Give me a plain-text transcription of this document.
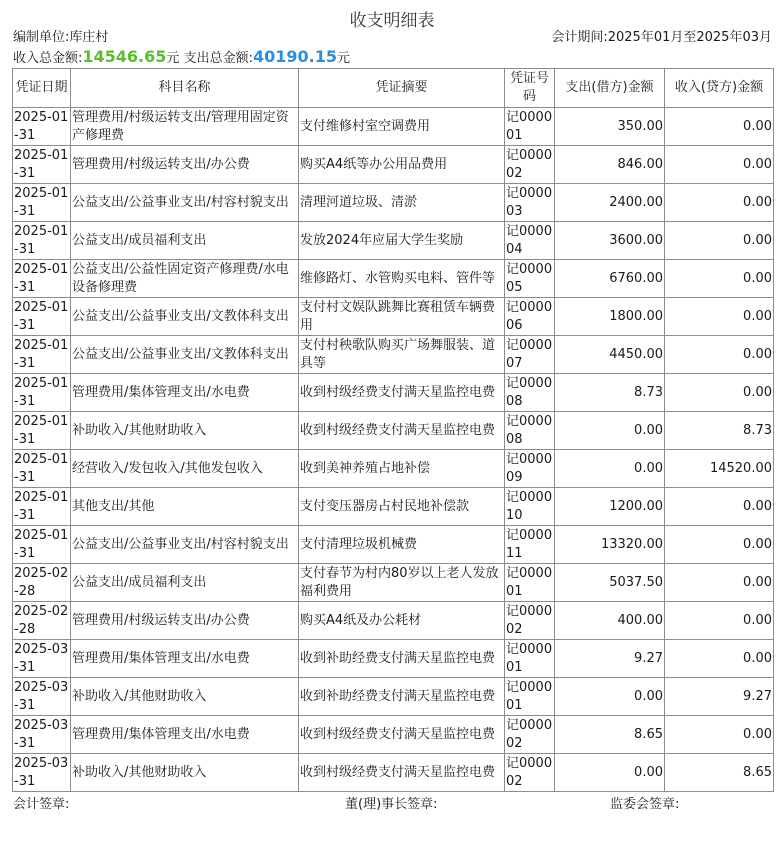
收支明细表
编制单位:库庄村	会计期间:2025年01月至2025年03月
收入总金额:14546.65元 支出总金额:40190.15元
凭证日期	科目名称	凭证摘要	凭证号码	支出(借方)金额	收入(贷方)金额
2025-01-31	管理费用/村级运转支出/管理用固定资产修理费	支付维修村室空调费用	记000001	350.00	0.00
2025-01-31	管理费用/村级运转支出/办公费	购买A4纸等办公用品费用	记000002	846.00	0.00
2025-01-31	公益支出/公益事业支出/村容村貌支出	清理河道垃圾、清淤	记000003	2400.00	0.00
2025-01-31	公益支出/成员福利支出	发放2024年应届大学生奖励	记000004	3600.00	0.00
2025-01-31	公益支出/公益性固定资产修理费/水电设备修理费	维修路灯、水管购买电料、管件等	记000005	6760.00	0.00
2025-01-31	公益支出/公益事业支出/文教体科支出	支付村文娱队跳舞比赛租赁车辆费用	记000006	1800.00	0.00
2025-01-31	公益支出/公益事业支出/文教体科支出	支付村秧歌队购买广场舞服装、道具等	记000007	4450.00	0.00
2025-01-31	管理费用/集体管理支出/水电费	收到村级经费支付满天星监控电费	记000008	8.73	0.00
2025-01-31	补助收入/其他财助收入	收到村级经费支付满天星监控电费	记000008	0.00	8.73
2025-01-31	经营收入/发包收入/其他发包收入	收到美神养殖占地补偿	记000009	0.00	14520.00
2025-01-31	其他支出/其他	支付变压器房占村民地补偿款	记000010	1200.00	0.00
2025-01-31	公益支出/公益事业支出/村容村貌支出	支付清理垃圾机械费	记000011	13320.00	0.00
2025-02-28	公益支出/成员福利支出	支付春节为村内80岁以上老人发放福利费用	记000001	5037.50	0.00
2025-02-28	管理费用/村级运转支出/办公费	购买A4纸及办公耗材	记000002	400.00	0.00
2025-03-31	管理费用/集体管理支出/水电费	收到补助经费支付满天星监控电费	记000001	9.27	0.00
2025-03-31	补助收入/其他财助收入	收到补助经费支付满天星监控电费	记000001	0.00	9.27
2025-03-31	管理费用/集体管理支出/水电费	收到村级经费支付满天星监控电费	记000002	8.65	0.00
2025-03-31	补助收入/其他财助收入	收到村级经费支付满天星监控电费	记000002	0.00	8.65
会计签章:	董(理)事长签章:	监委会签章:
